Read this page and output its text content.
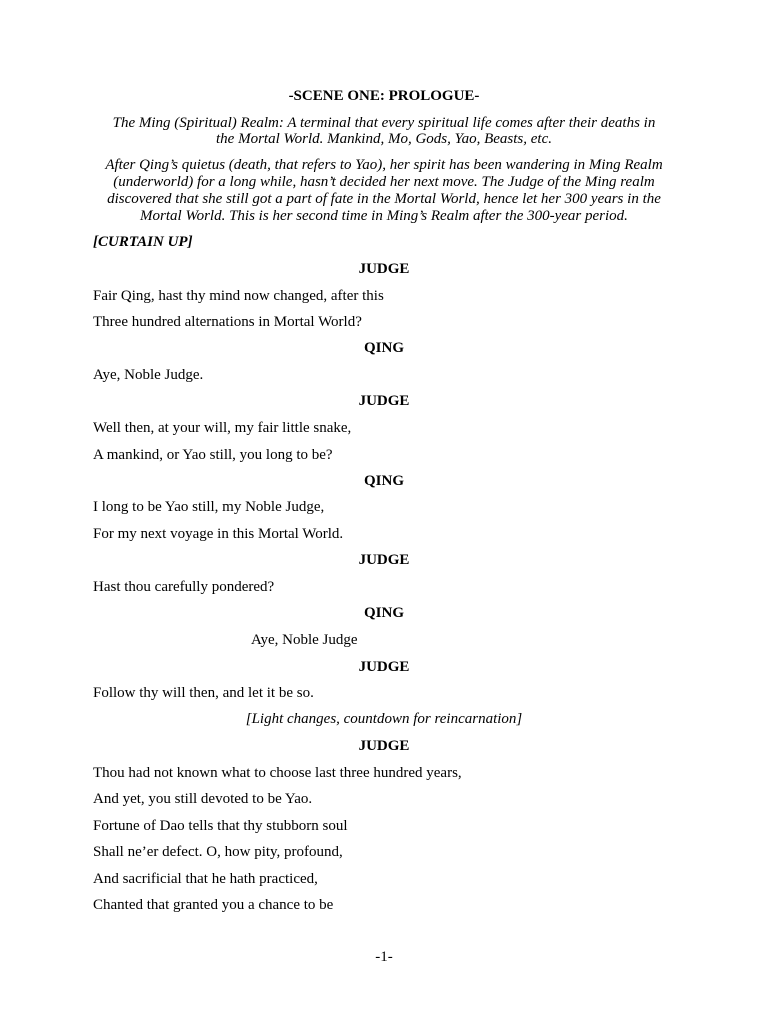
-SCENE ONE: PROLOGUE-
The Ming (Spiritual) Realm: A terminal that every spiritual life comes after their deaths in
the Mortal World. Mankind, Mo, Gods, Yao, Beasts, etc.
After Qing’s quietus (death, that refers to Yao), her spirit has been wandering in Ming Realm
(underworld) for a long while, hasn’t decided her next move. The Judge of the Ming realm
discovered that she still got a part of fate in the Mortal World, hence let her 300 years in the
Mortal World. This is her second time in Ming’s Realm after the 300-year period.
[CURTAIN UP]
JUDGE
Fair Qing, hast thy mind now changed, after this
Three hundred alternations in Mortal World?
QING
Aye, Noble Judge.
JUDGE
Well then, at your will, my fair little snake,
A mankind, or Yao still, you long to be?
QING
I long to be Yao still, my Noble Judge,
For my next voyage in this Mortal World.
JUDGE
Hast thou carefully pondered?
QING
Aye, Noble Judge
JUDGE
Follow thy will then, and let it be so.
[Light changes, countdown for reincarnation]
JUDGE
Thou had not known what to choose last three hundred years,
And yet, you still devoted to be Yao.
Fortune of Dao tells that thy stubborn soul
Shall ne’er defect. O, how pity, profound,
And sacrificial that he hath practiced,
Chanted that granted you a chance to be
-1-
